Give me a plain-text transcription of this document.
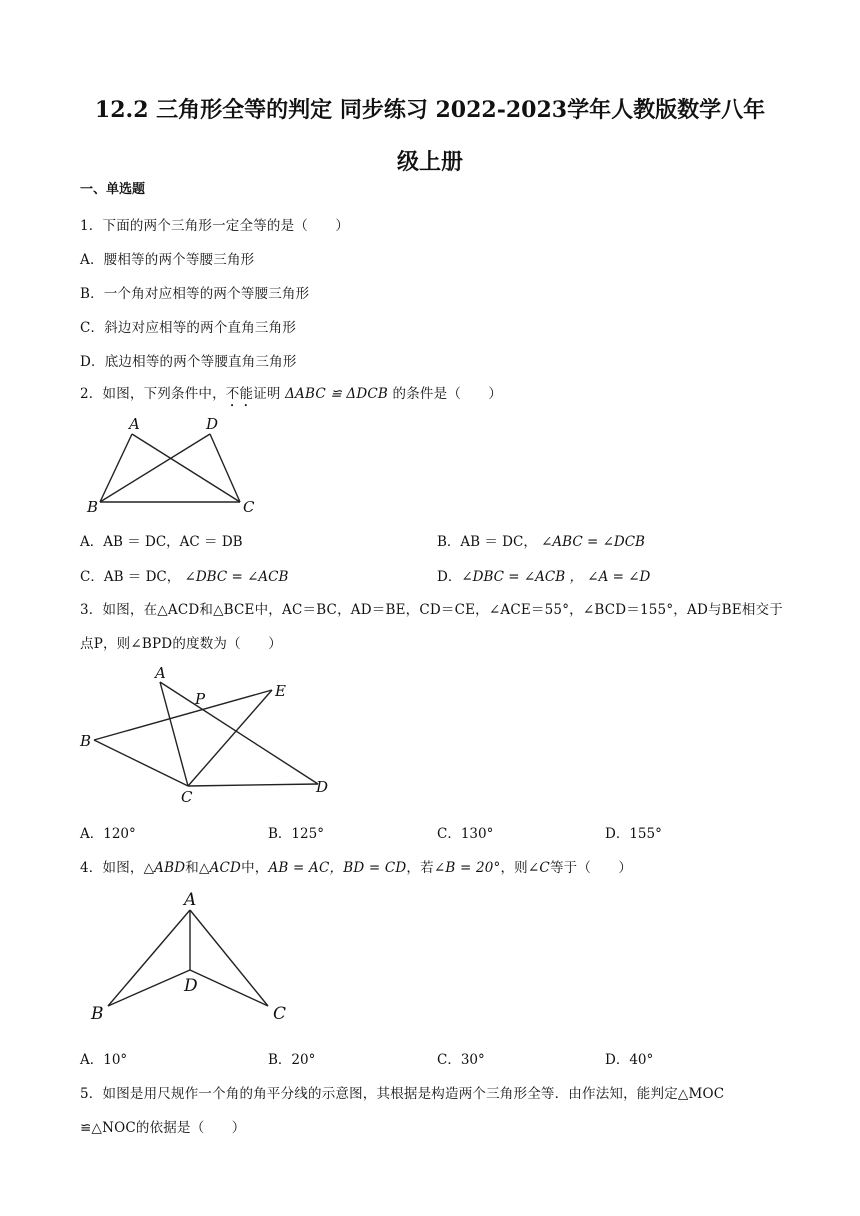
12.2 三角形全等的判定 同步练习 2022-2023学年人教版数学八年
级上册
一、单选题
1．下面的两个三角形一定全等的是（　　）
A．腰相等的两个等腰三角形
B．一个角对应相等的两个等腰三角形
C．斜边对应相等的两个直角三角形
D．底边相等的两个等腰直角三角形
2．如图，下列条件中，不能证明 ΔABC ≌ ΔDCB 的条件是（　　）
A	D
B	C
A．AB ＝ DC，AC ＝ DB	B．AB ＝ DC， ∠ABC = ∠DCB
C．AB ＝ DC， ∠DBC = ∠ACB	D．∠DBC = ∠ACB ， ∠A = ∠D
3．如图，在△ACD和△BCE中，AC＝BC，AD＝BE，CD＝CE，∠ACE＝55°，∠BCD＝155°，AD与BE相交于
点P，则∠BPD的度数为（　　）
A
P	E
B
C
D
A．120°	B．125°	C．130°	D．155°
4．如图，△ABD和△ACD中，AB = AC，BD = CD，若∠B = 20°，则∠C等于（　　）
A
D
B	C
A．10°	B．20°	C．30°	D．40°
5．如图是用尺规作一个角的角平分线的示意图，其根据是构造两个三角形全等．由作法知，能判定△MOC
≌△NOC的依据是（　　）
